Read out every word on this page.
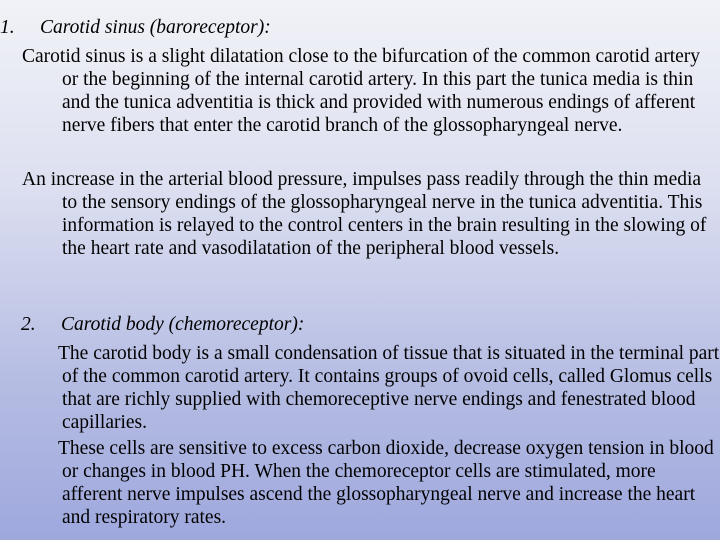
1. Carotid sinus (baroreceptor):
Carotid sinus is a slight dilatation close to the bifurcation of the common carotid artery or the beginning of the internal carotid artery. In this part the tunica media is thin and the tunica adventitia is thick and provided with numerous endings of afferent nerve fibers that enter the carotid branch of the glossopharyngeal nerve.
An increase in the arterial blood pressure, impulses pass readily through the thin media to the sensory endings of the glossopharyngeal nerve in the tunica adventitia. This information is relayed to the control centers in the brain resulting in the slowing of the heart rate and vasodilatation of the peripheral blood vessels.
2. Carotid body (chemoreceptor):
The carotid body is a small condensation of tissue that is situated in the terminal part of the common carotid artery. It contains groups of ovoid cells, called Glomus cells that are richly supplied with chemoreceptive nerve endings and fenestrated blood capillaries.
These cells are sensitive to excess carbon dioxide, decrease oxygen tension in blood or changes in blood PH. When the chemoreceptor cells are stimulated, more afferent nerve impulses ascend the glossopharyngeal nerve and increase the heart and respiratory rates.
